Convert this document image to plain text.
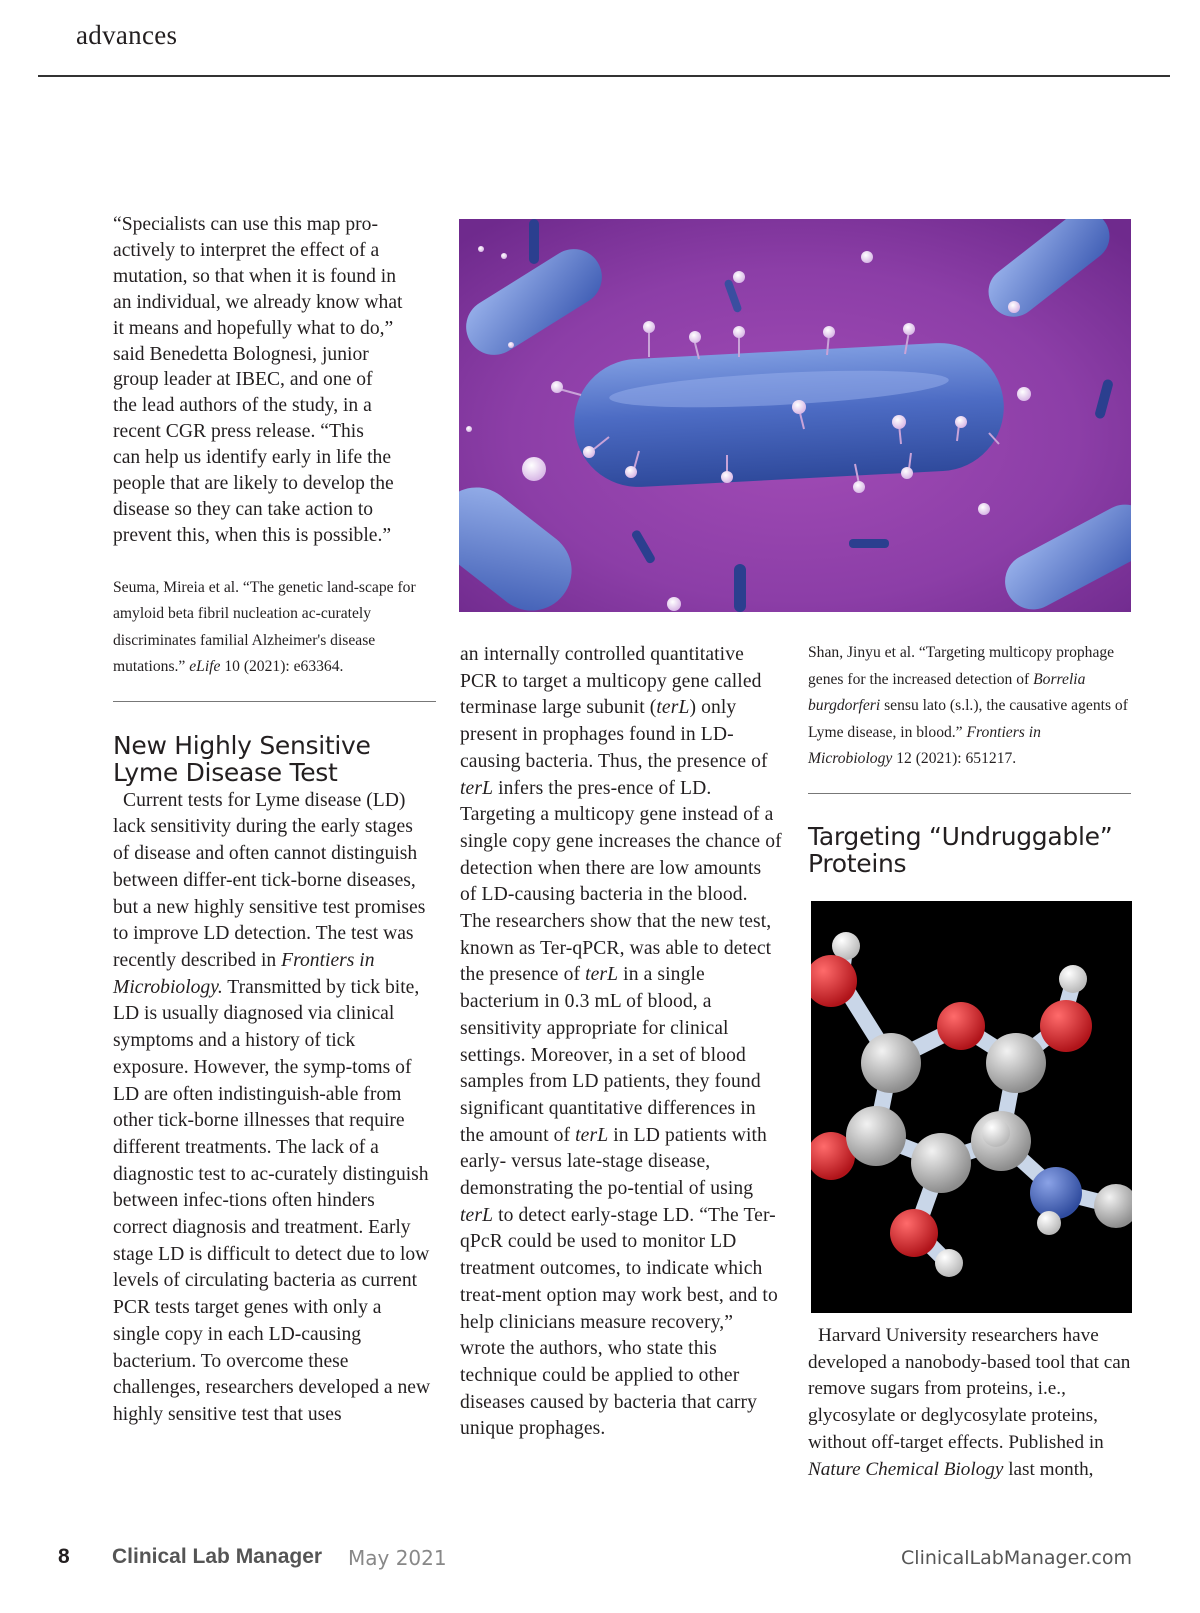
advances
“Specialists can use this map pro-
actively to interpret the effect of a
mutation, so that when it is found in
an individual, we already know what
it means and hopefully what to do,”
said Benedetta Bolognesi, junior
group leader at IBEC, and one of
the lead authors of the study, in a
recent CGR press release. “This
can help us identify early in life the
people that are likely to develop the
disease so they can take action to
prevent this, when this is possible.”

Seuma, Mireia et al. “The genetic land-scape for amyloid beta fibril nucleation ac-curately discriminates familial Alzheimer's disease mutations.” eLife 10 (2021): e63364.

New Highly Sensitive
Lyme Disease Test

Current tests for Lyme disease (LD) lack sensitivity during the early stages of disease and often cannot distinguish between differ-ent tick-borne diseases, but a new highly sensitive test promises to improve LD detection. The test was recently described in Frontiers in Microbiology. Transmitted by tick bite, LD is usually diagnosed via clinical symptoms and a history of tick exposure. However, the symp-toms of LD are often indistinguish-able from other tick-borne illnesses that require different treatments. The lack of a diagnostic test to ac-curately distinguish between infec-tions often hinders correct diagnosis and treatment. Early stage LD is difficult to detect due to low levels of circulating bacteria as current PCR tests target genes with only a single copy in each LD-causing bacterium. To overcome these challenges, researchers developed a new highly sensitive test that uses

an internally controlled quantitative PCR to target a multicopy gene called terminase large subunit (terL) only present in prophages found in LD-causing bacteria. Thus, the presence of terL infers the pres-ence of LD. Targeting a multicopy gene instead of a single copy gene increases the chance of detection when there are low amounts of LD-causing bacteria in the blood. The researchers show that the new test, known as Ter-qPCR, was able to detect the presence of terL in a single bacterium in 0.3 mL of blood, a sensitivity appropriate for clinical settings. Moreover, in a set of blood samples from LD patients, they found significant quantitative differences in the amount of terL in LD patients with early- versus late-stage disease, demonstrating the po-tential of using terL to detect early-stage LD. “The Ter-qPcR could be used to monitor LD treatment outcomes, to indicate which treat-ment option may work best, and to help clinicians measure recovery,” wrote the authors, who state this technique could be applied to other diseases caused by bacteria that carry unique prophages.

Shan, Jinyu et al. “Targeting multicopy prophage genes for the increased detection of Borrelia burgdorferi sensu lato (s.l.), the causative agents of Lyme disease, in blood.” Frontiers in Microbiology 12 (2021): 651217.

Targeting “Undruggable”
Proteins

Harvard University researchers have developed a nanobody-based tool that can remove sugars from proteins, i.e., glycosylate or deglycosylate proteins, without off-target effects. Published in Nature Chemical Biology last month,

8 Clinical Lab Manager May 2021	ClinicalLabManager.com
